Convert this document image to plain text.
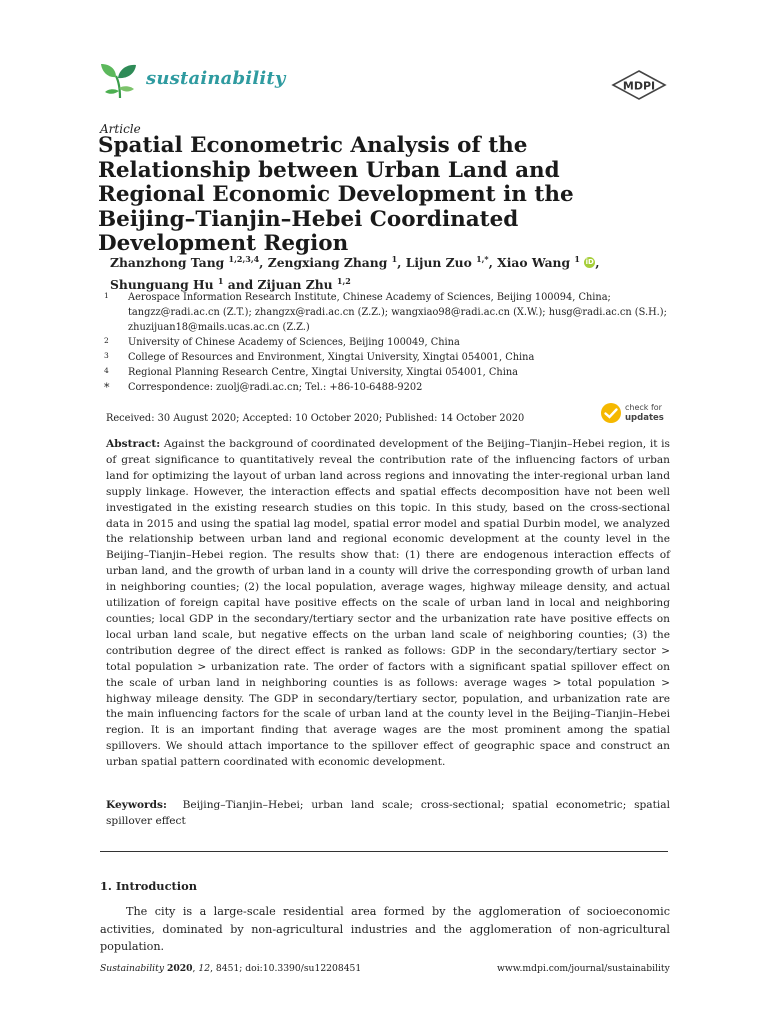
sustainability	MDPI
Article
Spatial Econometric Analysis of the Relationship between Urban Land and Regional Economic Development in the Beijing–Tianjin–Hebei Coordinated Development Region
Zhanzhong Tang $^{1,2,3,4}$, Zengxiang Zhang $^1$, Lijun Zuo $^{1,*}$, Xiao Wang $^1$ iD, Shunguang Hu $^1$ and Zijuan Zhu $^{1,2}$
1	Aerospace Information Research Institute, Chinese Academy of Sciences, Beijing 100094, China; tangzz@radi.ac.cn (Z.T.); zhangzx@radi.ac.cn (Z.Z.); wangxiao98@radi.ac.cn (X.W.); husg@radi.ac.cn (S.H.); zhuzijuan18@mails.ucas.ac.cn (Z.Z.)
2	University of Chinese Academy of Sciences, Beijing 100049, China
3	College of Resources and Environment, Xingtai University, Xingtai 054001, China
4	Regional Planning Research Centre, Xingtai University, Xingtai 054001, China
*	Correspondence: zuolj@radi.ac.cn; Tel.: +86-10-6488-9202
Received: 30 August 2020; Accepted: 10 October 2020; Published: 14 October 2020
check for
updates
Abstract: Against the background of coordinated development of the Beijing–Tianjin–Hebei region, it is of great significance to quantitatively reveal the contribution rate of the influencing factors of urban land for optimizing the layout of urban land across regions and innovating the inter-regional urban land supply linkage. However, the interaction effects and spatial effects decomposition have not been well investigated in the existing research studies on this topic. In this study, based on the cross-sectional data in 2015 and using the spatial lag model, spatial error model and spatial Durbin model, we analyzed the relationship between urban land and regional economic development at the county level in the Beijing–Tianjin–Hebei region. The results show that: (1) there are endogenous interaction effects of urban land, and the growth of urban land in a county will drive the corresponding growth of urban land in neighboring counties; (2) the local population, average wages, highway mileage density, and actual utilization of foreign capital have positive effects on the scale of urban land in local and neighboring counties; local GDP in the secondary/tertiary sector and the urbanization rate have positive effects on local urban land scale, but negative effects on the urban land scale of neighboring counties; (3) the contribution degree of the direct effect is ranked as follows: GDP in the secondary/tertiary sector > total population > urbanization rate. The order of factors with a significant spatial spillover effect on the scale of urban land in neighboring counties is as follows: average wages > total population > highway mileage density. The GDP in secondary/tertiary sector, population, and urbanization rate are the main influencing factors for the scale of urban land at the county level in the Beijing–Tianjin–Hebei region. It is an important finding that average wages are the most prominent among the spatial spillovers. We should attach importance to the spillover effect of geographic space and construct an urban spatial pattern coordinated with economic development.
Keywords: Beijing–Tianjin–Hebei; urban land scale; cross-sectional; spatial econometric; spatial spillover effect
1. Introduction
The city is a large-scale residential area formed by the agglomeration of socioeconomic activities, dominated by non-agricultural industries and the agglomeration of non-agricultural population.
Sustainability 2020, 12, 8451; doi:10.3390/su12208451	www.mdpi.com/journal/sustainability
